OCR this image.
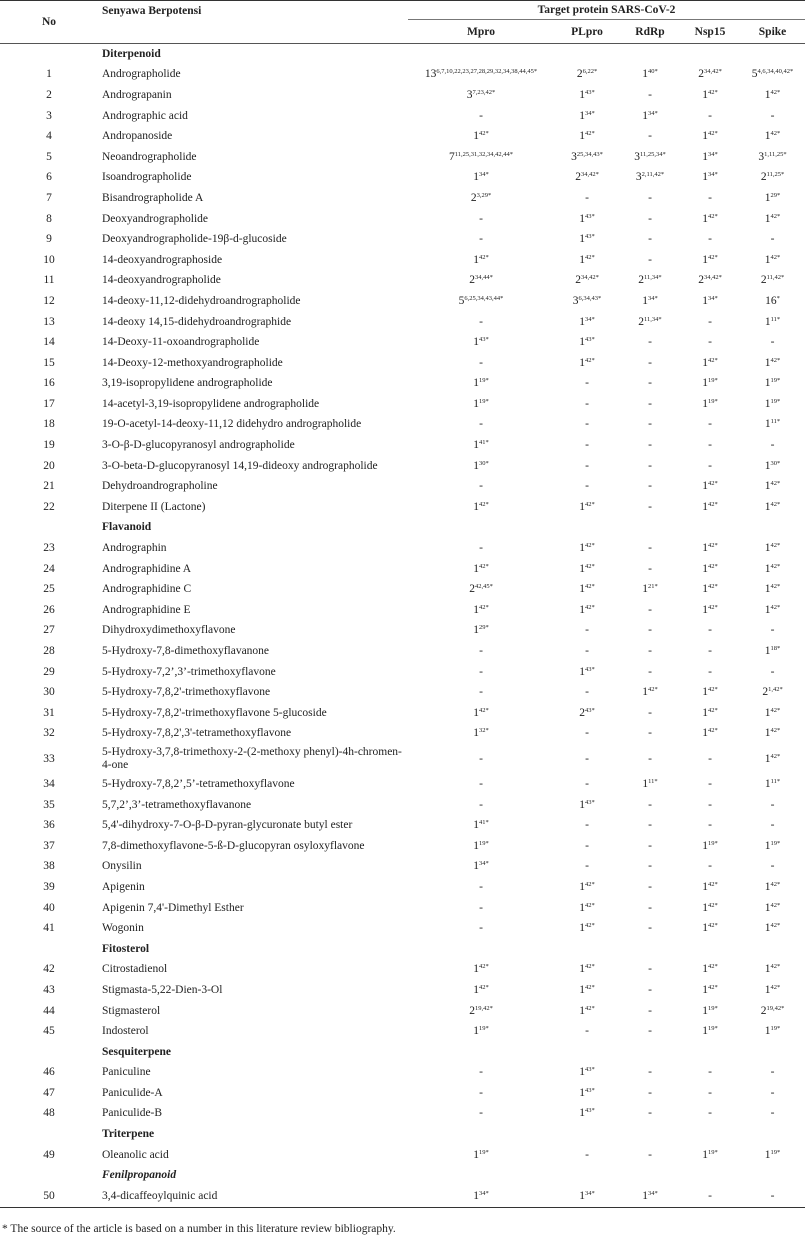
No	Senyawa Berpotensi	Target protein SARS-CoV-2				
		Mpro	PLpro	RdRp	Nsp15	Spike
	Diterpenoid					
1	Andrographolide	$13^{6,7,10,22,23,27,28,29,32,34,38,44,45*}$	$2^{6,22*}$	$1^{40*}$	$2^{34,42*}$	$5^{4,6,34,40,42*}$
2	Andrograpanin	$3^{7,23,42*}$	$1^{43*}$	-	$1^{42*}$	$1^{42*}$
3	Andrographic acid	-	$1^{34*}$	$1^{34*}$	-	-
4	Andropanoside	$1^{42*}$	$1^{42*}$	-	$1^{42*}$	$1^{42*}$
5	Neoandrographolide	$7^{11,25,31,32,34,42,44*}$	$3^{25,34,43*}$	$3^{11,25,34*}$	$1^{34*}$	$3^{1,11,25*}$
6	Isoandrographolide	$1^{34*}$	$2^{34,42*}$	$3^{2,11,42*}$	$1^{34*}$	$2^{11,25*}$
7	Bisandrographolide A	$2^{3,29*}$	-	-	-	$1^{29*}$
8	Deoxyandrographolide	-	$1^{43*}$	-	$1^{42*}$	$1^{42*}$
9	Deoxyandrographolide-19β-d-glucoside	-	$1^{43*}$	-	-	-
10	14-deoxyandrographoside	$1^{42*}$	$1^{42*}$	-	$1^{42*}$	$1^{42*}$
11	14-deoxyandrographolide	$2^{34,44*}$	$2^{34,42*}$	$2^{11,34*}$	$2^{34,42*}$	$2^{11,42*}$
12	14-deoxy-11,12-didehydroandrographolide	$5^{6,25,34,43,44*}$	$3^{6,34,43*}$	$1^{34*}$	$1^{34*}$	16*
13	14-deoxy 14,15-didehydroandrographide	-	$1^{34*}$	$2^{11,34*}$	-	$1^{11*}$
14	14-Deoxy-11-oxoandrographolide	$1^{43*}$	$1^{43*}$	-	-	-
15	14-Deoxy-12-methoxyandrographolide	-	$1^{42*}$	-	$1^{42*}$	$1^{42*}$
16	3,19-isopropylidene andrographolide	$1^{19*}$	-	-	$1^{19*}$	$1^{19*}$
17	14-acetyl-3,19-isopropylidene andrographolide	$1^{19*}$	-	-	$1^{19*}$	$1^{19*}$
18	19-O-acetyl-14-deoxy-11,12 didehydro andrographolide	-	-	-	-	$1^{11*}$
19	3-O-β-D-glucopyranosyl andrographolide	$1^{41*}$	-	-	-	-
20	3-O-beta-D-glucopyranosyl 14,19-dideoxy andrographolide	$1^{30*}$	-	-	-	$1^{30*}$
21	Dehydroandrographoline	-	-	-	$1^{42*}$	$1^{42*}$
22	Diterpene II (Lactone)	$1^{42*}$	$1^{42*}$	-	$1^{42*}$	$1^{42*}$
	Flavanoid					
23	Andrographin	-	$1^{42*}$	-	$1^{42*}$	$1^{42*}$
24	Andrographidine A	$1^{42*}$	$1^{42*}$	-	$1^{42*}$	$1^{42*}$
25	Andrographidine C	$2^{42,45*}$	$1^{42*}$	$1^{21*}$	$1^{42*}$	$1^{42*}$
26	Andrographidine E	$1^{42*}$	$1^{42*}$	-	$1^{42*}$	$1^{42*}$
27	Dihydroxydimethoxyflavone	$1^{29*}$	-	-	-	-
28	5-Hydroxy-7,8-dimethoxyflavanone	-	-	-	-	$1^{18*}$
29	5-Hydroxy-7,2’,3’-trimethoxyflavone	-	$1^{43*}$	-	-	-
30	5-Hydroxy-7,8,2'-trimethoxyflavone	-	-	$1^{42*}$	$1^{42*}$	$2^{1,42*}$
31	5-Hydroxy-7,8,2'-trimethoxyflavone 5-glucoside	$1^{42*}$	$2^{43*}$	-	$1^{42*}$	$1^{42*}$
32	5-Hydroxy-7,8,2',3'-tetramethoxyflavone	$1^{32*}$	-	-	$1^{42*}$	$1^{42*}$
33	5-Hydroxy-3,7,8-trimethoxy-2-(2-methoxy phenyl)-4h-chromen-4-one	-	-	-	-	$1^{42*}$
34	5-Hydroxy-7,8,2’,5’-tetramethoxyflavone	-	-	$1^{11*}$	-	$1^{11*}$
35	5,7,2’,3’-tetramethoxyflavanone	-	$1^{43*}$	-	-	-
36	5,4'-dihydroxy-7-O-β-D-pyran-glycuronate butyl ester	$1^{41*}$	-	-	-	-
37	7,8-dimethoxyflavone-5-ß-D-glucopyran osyloxyflavone	$1^{19*}$	-	-	$1^{19*}$	$1^{19*}$
38	Onysilin	$1^{34*}$	-	-	-	-
39	Apigenin	-	$1^{42*}$	-	$1^{42*}$	$1^{42*}$
40	Apigenin 7,4'-Dimethyl Esther	-	$1^{42*}$	-	$1^{42*}$	$1^{42*}$
41	Wogonin	-	$1^{42*}$	-	$1^{42*}$	$1^{42*}$
	Fitosterol					
42	Citrostadienol	$1^{42*}$	$1^{42*}$	-	$1^{42*}$	$1^{42*}$
43	Stigmasta-5,22-Dien-3-Ol	$1^{42*}$	$1^{42*}$	-	$1^{42*}$	$1^{42*}$
44	Stigmasterol	$2^{19,42*}$	$1^{42*}$	-	$1^{19*}$	$2^{19,42*}$
45	Indosterol	$1^{19*}$	-	-	$1^{19*}$	$1^{19*}$
	Sesquiterpene					
46	Paniculine	-	$1^{43*}$	-	-	-
47	Paniculide-A	-	$1^{43*}$	-	-	-
48	Paniculide-B	-	$1^{43*}$	-	-	-
	Triterpene					
49	Oleanolic acid	$1^{19*}$	-	-	$1^{19*}$	$1^{19*}$
	Fenilpropanoid					
50	3,4-dicaffeoylquinic acid	$1^{34*}$	$1^{34*}$	$1^{34*}$	-	-
* The source of the article is based on a number in this literature review bibliography.
